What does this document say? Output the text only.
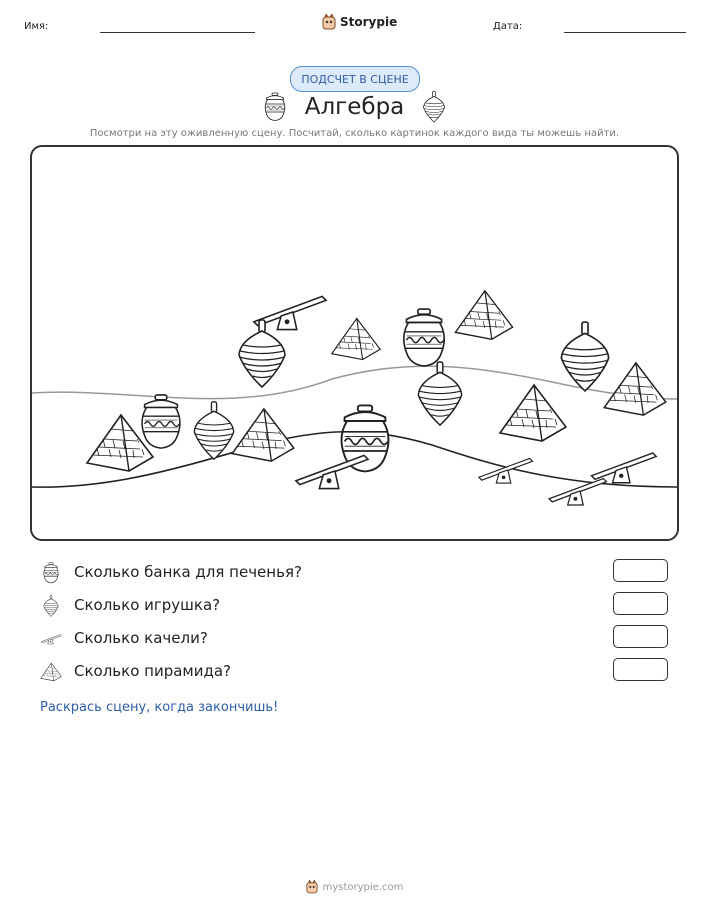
Имя:	Storypie	Дата:
ПОДСЧЕТ В СЦЕНЕ
Алгебра
Посмотри на эту оживленную сцену. Посчитай, сколько картинок каждого вида ты можешь найти.
Сколько банка для печенья?
Сколько игрушка?
Сколько качели?
Сколько пирамида?
Раскрась сцену, когда закончишь!
mystorypie.com
